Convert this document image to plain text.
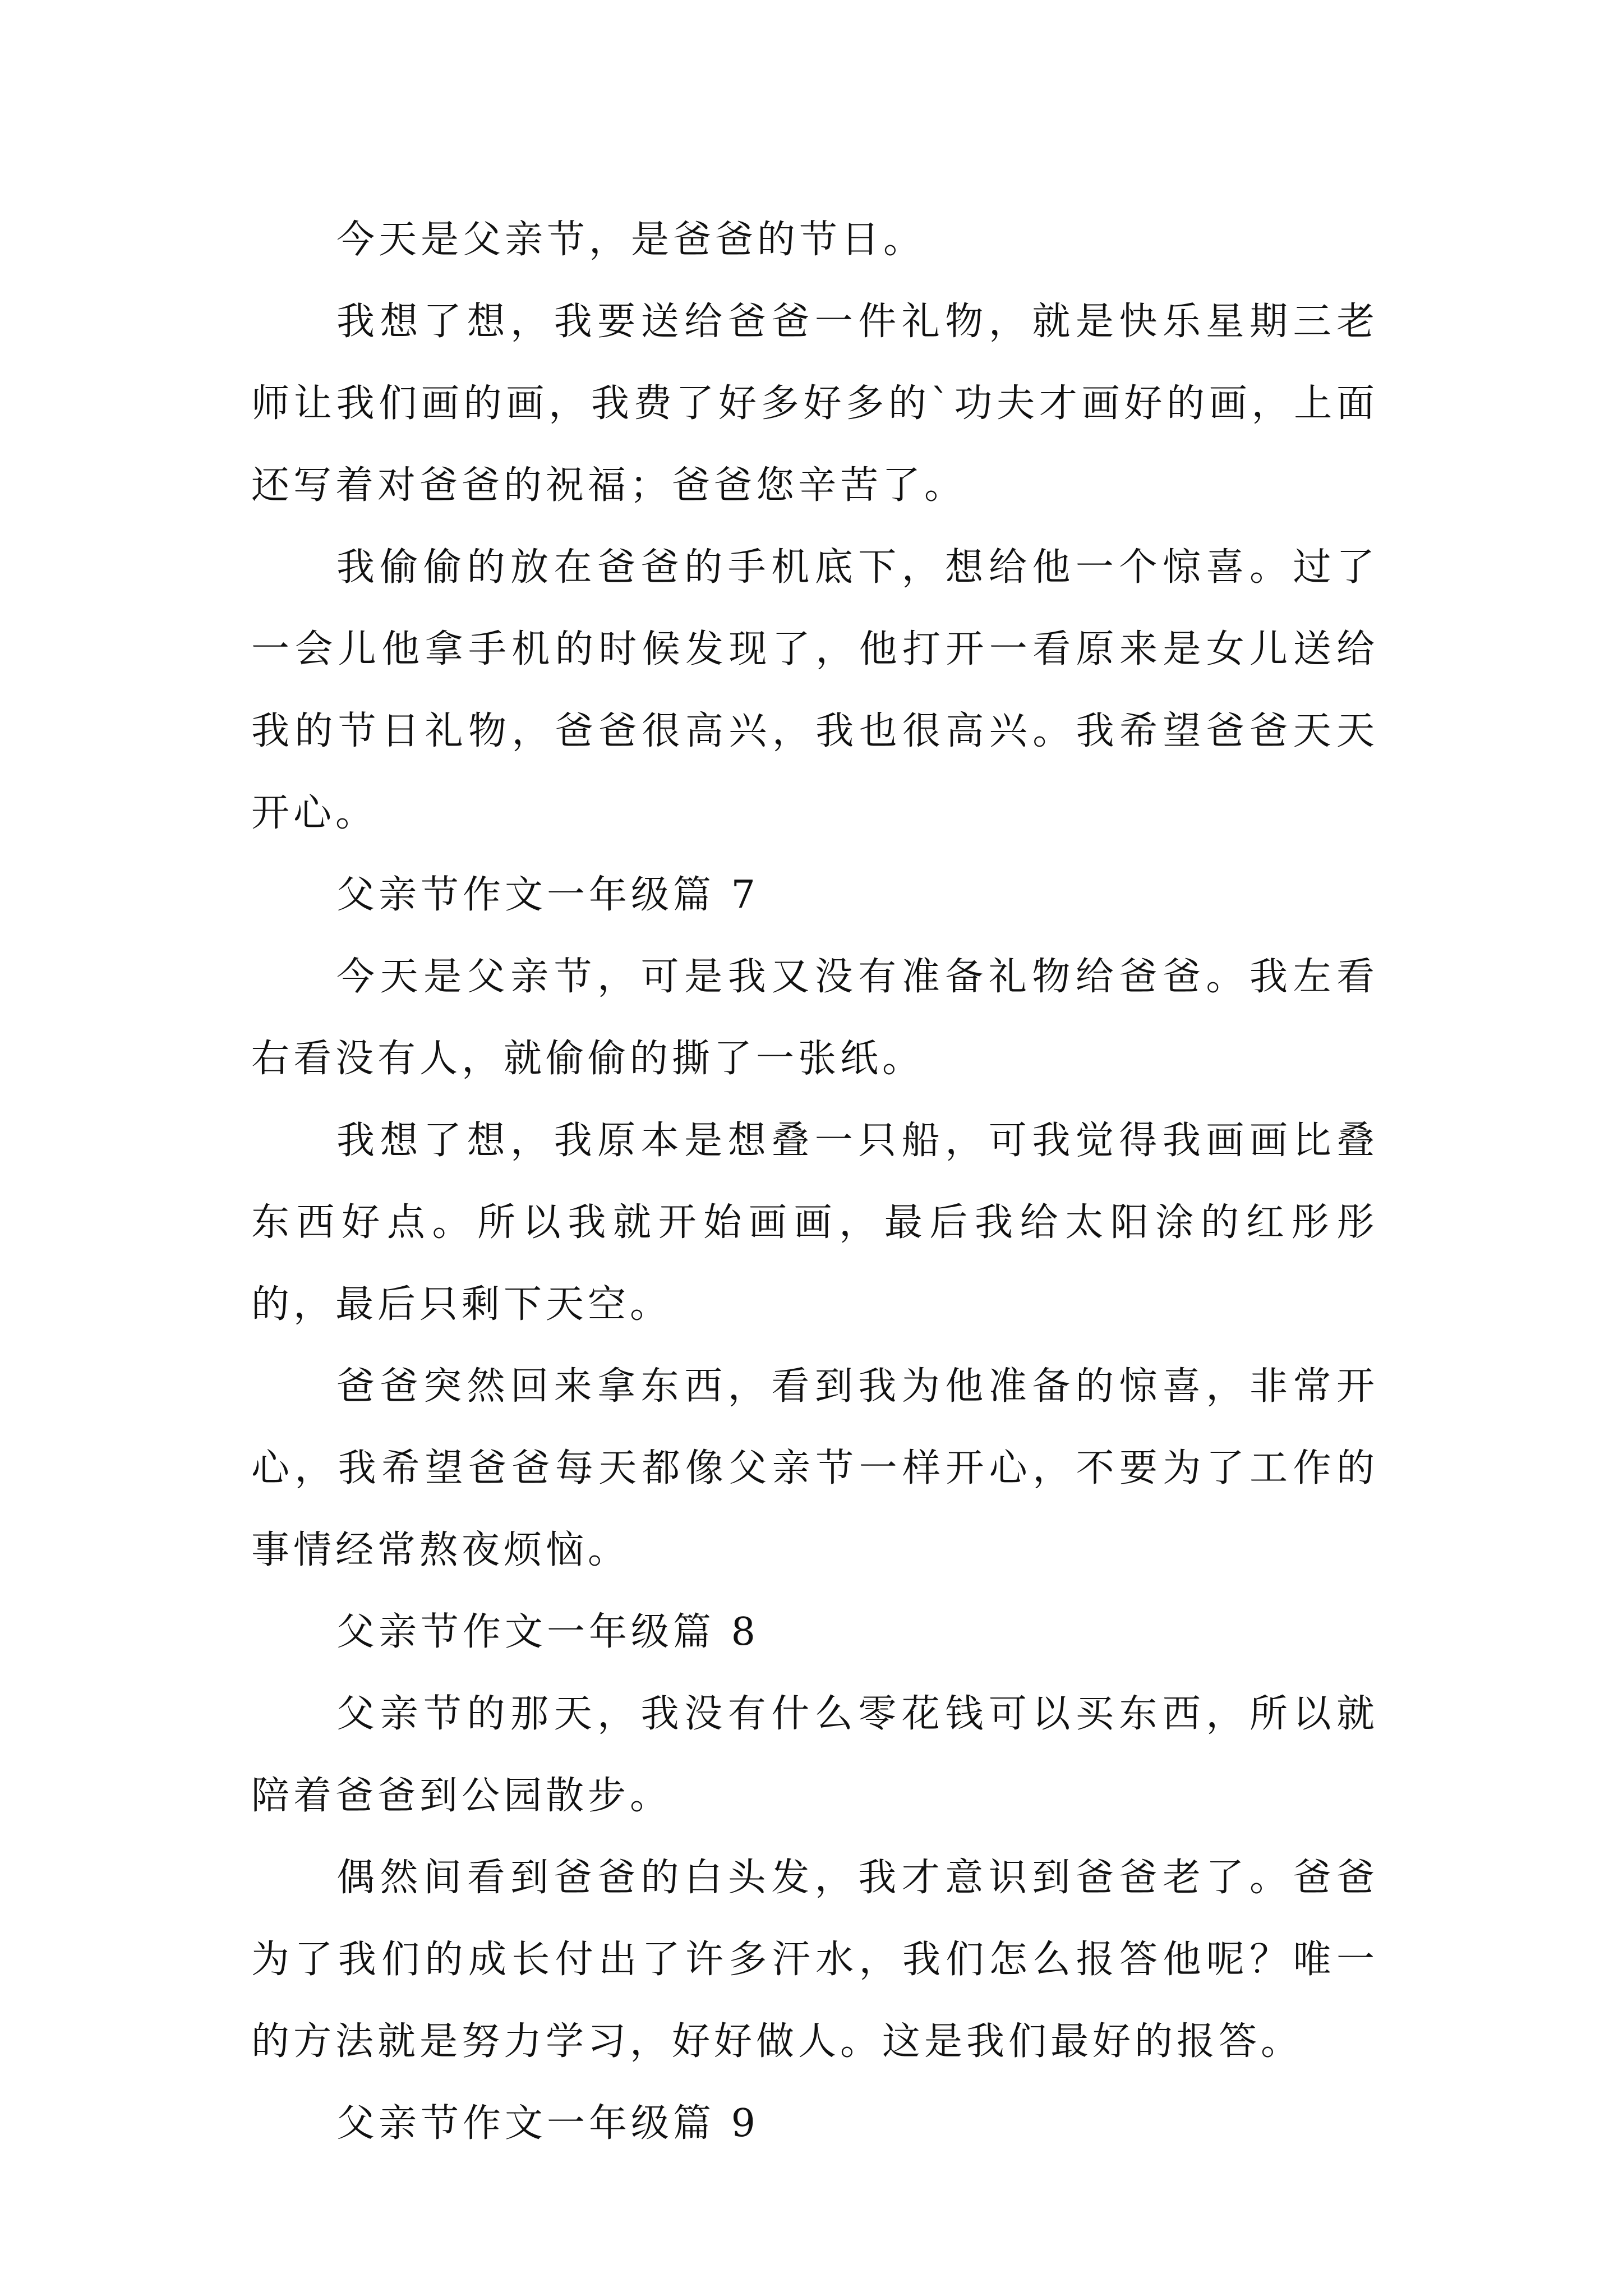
今天是父亲节，是爸爸的节日。

我想了想，我要送给爸爸一件礼物，就是快乐星期三老师让我们画的画，我费了好多好多的`功夫才画好的画，上面还写着对爸爸的祝福；爸爸您辛苦了。

我偷偷的放在爸爸的手机底下，想给他一个惊喜。过了一会儿他拿手机的时候发现了，他打开一看原来是女儿送给我的节日礼物，爸爸很高兴，我也很高兴。我希望爸爸天天开心。

父亲节作文一年级篇 7

今天是父亲节，可是我又没有准备礼物给爸爸。我左看右看没有人，就偷偷的撕了一张纸。

我想了想，我原本是想叠一只船，可我觉得我画画比叠东西好点。所以我就开始画画，最后我给太阳涂的红彤彤的，最后只剩下天空。

爸爸突然回来拿东西，看到我为他准备的惊喜，非常开心，我希望爸爸每天都像父亲节一样开心，不要为了工作的事情经常熬夜烦恼。

父亲节作文一年级篇 8

父亲节的那天，我没有什么零花钱可以买东西，所以就陪着爸爸到公园散步。

偶然间看到爸爸的白头发，我才意识到爸爸老了。爸爸为了我们的成长付出了许多汗水，我们怎么报答他呢？唯一的方法就是努力学习，好好做人。这是我们最好的报答。

父亲节作文一年级篇 9
